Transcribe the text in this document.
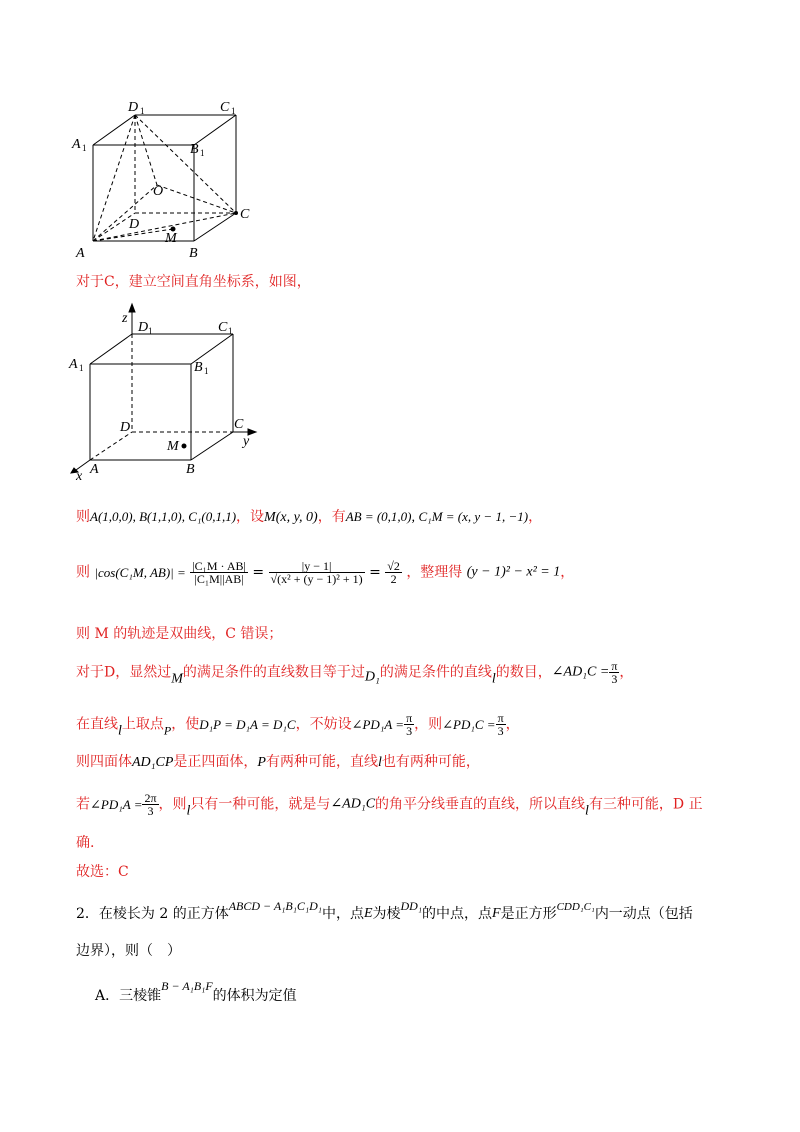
D 1	C 1
A 1	B 1
O
D
C
M
A	B
对于C，建立空间直角坐标系，如图，
z
D 1	C 1
A 1	B 1
D	C
y
M
A	B
x
则A(1,0,0), B(1,1,0), C₁(0,1,1)，设M(x, y, 0)，有AB = (0,1,0), C₁M = (x, y − 1, −1)，
则 |cos(C₁M, $AB)| = \frac{\text{|C₁M · AB|}}{\text{|C₁M||AB|}} = \frac{|y - 1|}{\text{√(x² + (y − 1)² + 1)}} = \frac{√2}{2}$ ，整理得 (y − 1)² − x² = 1，
则 M 的轨迹是双曲线，C 错误；
对于D，显然过M的满足条件的直线数目等于过D₁的满足条件的直线l的数目，∠AD₁C = $\frac{\pi}{3}$ ，
在直线l上取点P，使D₁P = D₁A = D₁C，不妨设∠PD₁A = $\frac{\pi}{3}$ ，则∠PD₁C = $\frac{\pi}{3}$ ，
则四面体AD₁CP是正四面体，P有两种可能，直线l也有两种可能，
若∠PD₁A = $\frac{2\pi}{3}$ ，则l只有一种可能，就是与∠AD₁C的角平分线垂直的直线，所以直线l有三种可能，D 正
确.
故选：C
2．在棱长为 2 的正方体ABCD − A₁B₁C₁D₁中，点E为棱DD₁的中点，点F是正方形$^{CDD_1C_1}$内一动点（包括
边界），则（　）
A．三棱锥B − A₁B₁F的体积为定值
